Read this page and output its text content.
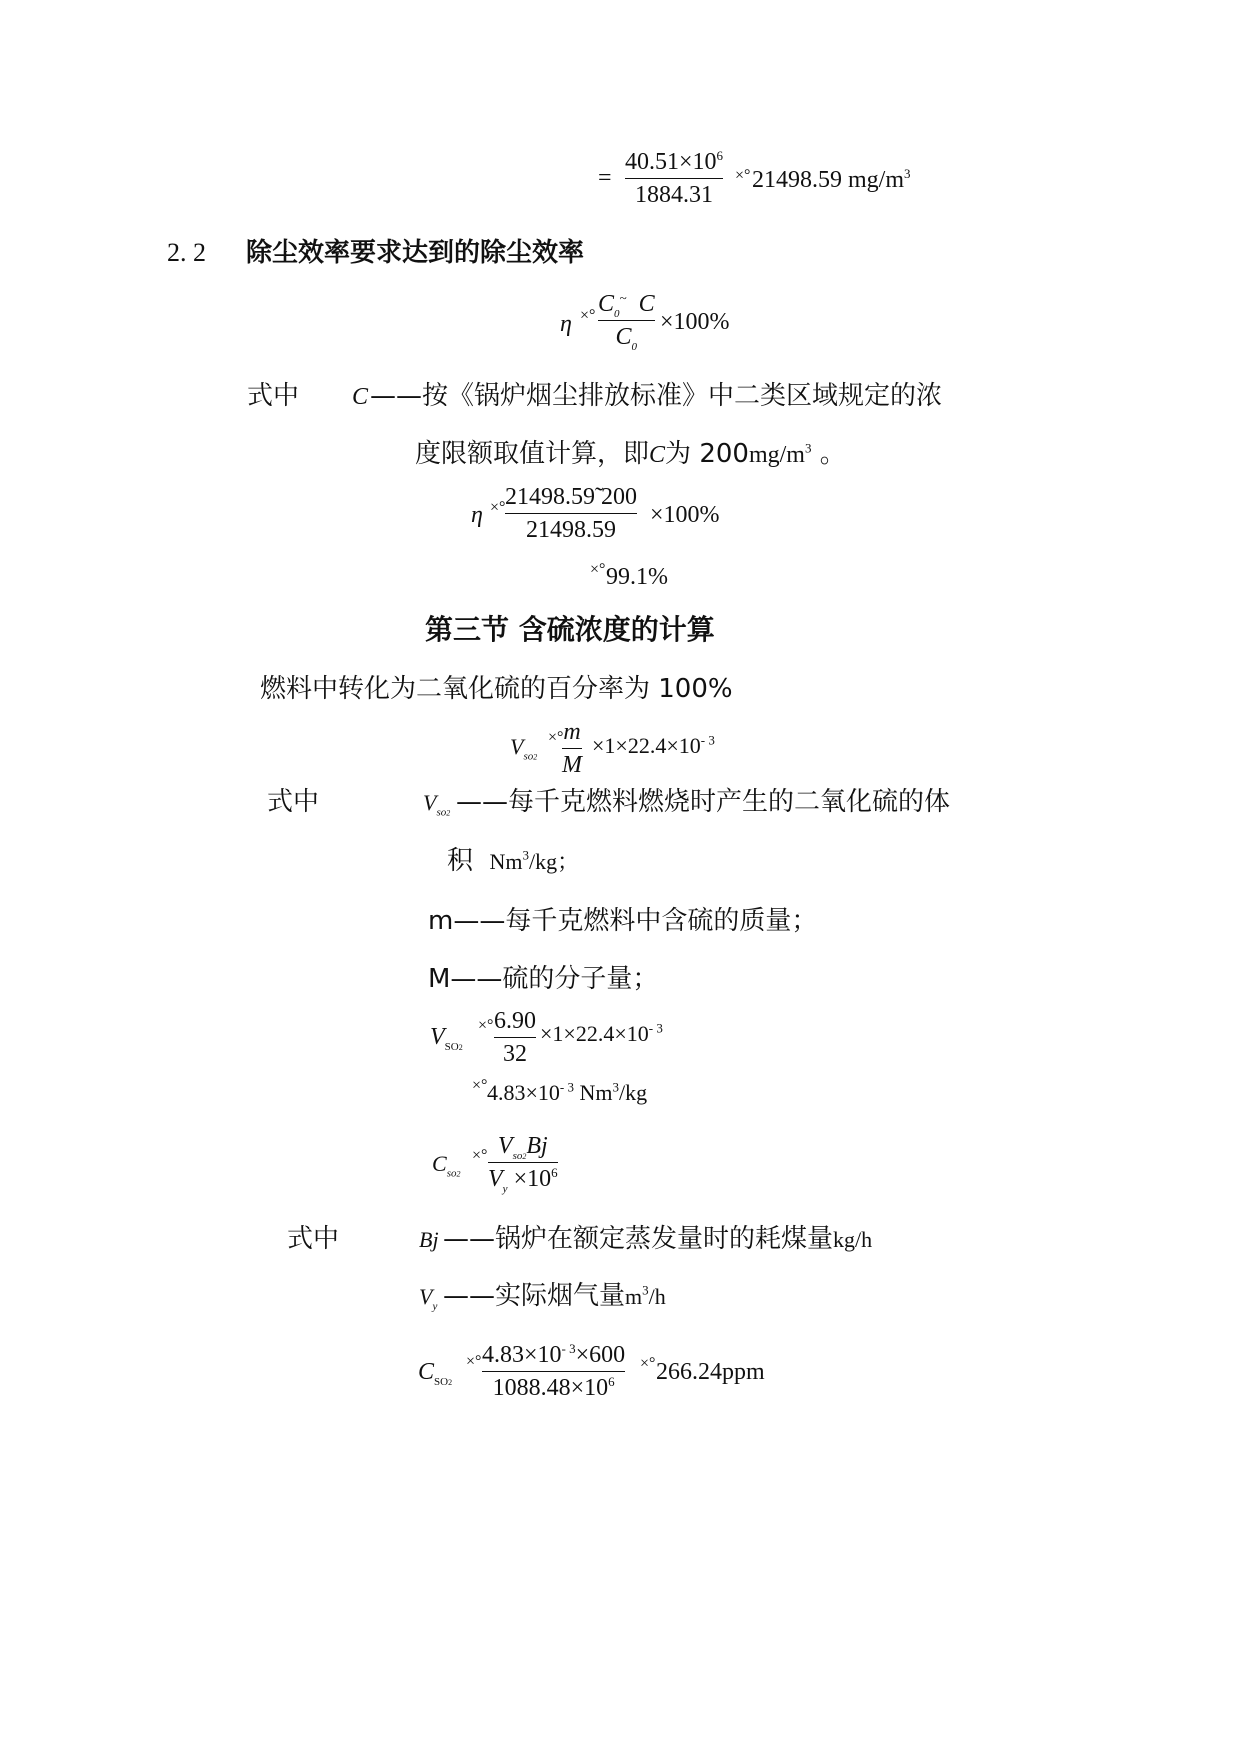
=
$40.51\times 10^6$
1884.31
×° 21498.59 $mg/m^3$
2. 2 除尘效率要求达到的除尘效率
η ×° $C_0^\sim$ C
$C_0$
×100%
式中 C ——按《锅炉烟尘排放标准》中二类区域规定的浓
度限额取值计算，即C为 $200mg/m^3$ 。
η ×° 21498.59̃ 200
21498.59
×100%
×° 99.1%
第三节 含硫浓度的计算
燃料中转化为二氧化硫的百分率为 100%
$V_{so2}$
×° m
M
$\times 1\times 22.4\times 10^{- 3}$
式中	$V_{so2}$ ——每千克燃料燃烧时产生的二氧化硫的体
积 Nm$^3$/kg；
m——每千克燃料中含硫的质量；
M——硫的分子量；
$V_{SO2}$
×° 6.90
32
$\times 1\times 22.4\times 10^{- 3}$
×° $4.83\times 10^{- 3}$ Nm$^3$/kg
$C_{so2}$
×° $V_{so2}Bj$
$V_y \times 10^6$
式中	Bj ——锅炉在额定蒸发量时的耗煤量kg/h
$V_y$ ——实际烟气量$m^3/h$
$C_{SO2}$
×° $4.83\times 10^{- 3}\times 600$
$1088.48\times 10^6$
×° 266.24ppm
